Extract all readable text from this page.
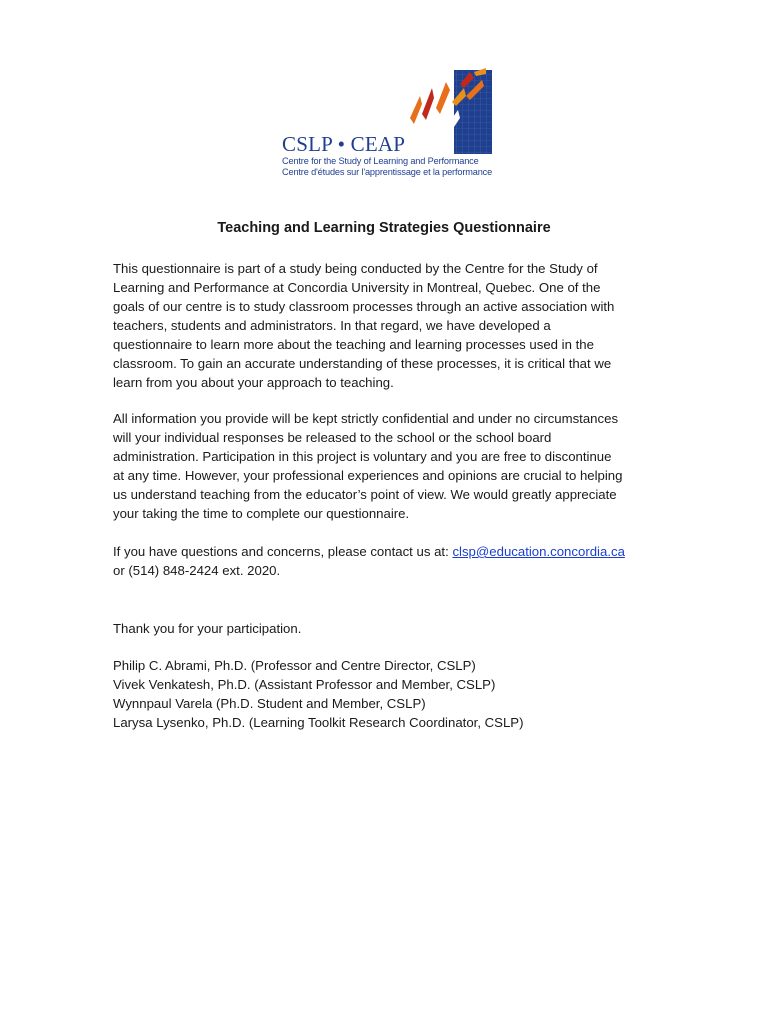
CSLP • CEAP
Centre for the Study of Learning and Performance
Centre d'études sur l'apprentissage et la performance
Teaching and Learning Strategies Questionnaire
This questionnaire is part of a study being conducted by the Centre for the Study of
Learning and Performance at Concordia University in Montreal, Quebec. One of the
goals of our centre is to study classroom processes through an active association with
teachers, students and administrators. In that regard, we have developed a
questionnaire to learn more about the teaching and learning processes used in the
classroom. To gain an accurate understanding of these processes, it is critical that we
learn from you about your approach to teaching.
All information you provide will be kept strictly confidential and under no circumstances
will your individual responses be released to the school or the school board
administration. Participation in this project is voluntary and you are free to discontinue
at any time. However, your professional experiences and opinions are crucial to helping
us understand teaching from the educator’s point of view. We would greatly appreciate
your taking the time to complete our questionnaire.
If you have questions and concerns, please contact us at: clsp@education.concordia.ca
or (514) 848-2424 ext. 2020.
Thank you for your participation.
Philip C. Abrami, Ph.D. (Professor and Centre Director, CSLP)
Vivek Venkatesh, Ph.D. (Assistant Professor and Member, CSLP)
Wynnpaul Varela (Ph.D. Student and Member, CSLP)
Larysa Lysenko, Ph.D. (Learning Toolkit Research Coordinator, CSLP)
